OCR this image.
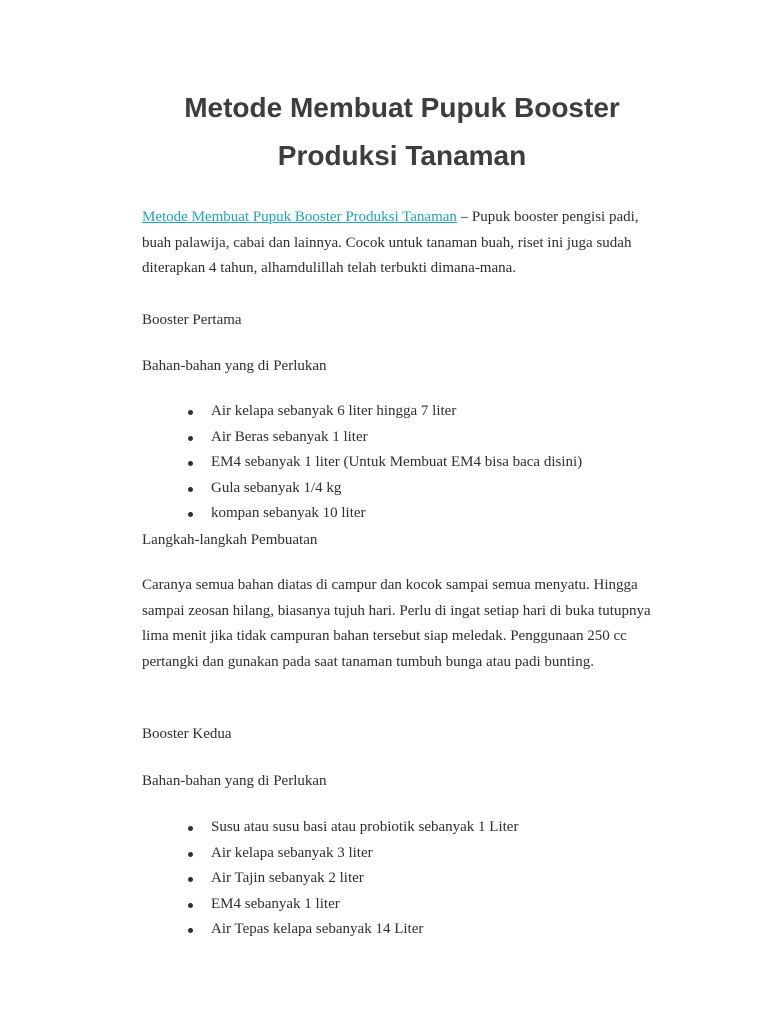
Metode Membuat Pupuk Booster Produksi Tanaman

Metode Membuat Pupuk Booster Produksi Tanaman – Pupuk booster pengisi padi, buah palawija, cabai dan lainnya. Cocok untuk tanaman buah, riset ini juga sudah diterapkan 4 tahun, alhamdulillah telah terbukti dimana-mana.

Booster Pertama

Bahan-bahan yang di Perlukan

Air kelapa sebanyak 6 liter hingga 7 liter
Air Beras sebanyak 1 liter
EM4 sebanyak 1 liter (Untuk Membuat EM4 bisa baca disini)
Gula sebanyak 1/4 kg
kompan sebanyak 10 liter

Langkah-langkah Pembuatan

Caranya semua bahan diatas di campur dan kocok sampai semua menyatu. Hingga sampai zeosan hilang, biasanya tujuh hari. Perlu di ingat setiap hari di buka tutupnya lima menit jika tidak campuran bahan tersebut siap meledak. Penggunaan 250 cc pertangki dan gunakan pada saat tanaman tumbuh bunga atau padi bunting.

Booster Kedua

Bahan-bahan yang di Perlukan

Susu atau susu basi atau probiotik sebanyak 1 Liter
Air kelapa sebanyak 3 liter
Air Tajin sebanyak 2 liter
EM4 sebanyak 1 liter
Air Tepas kelapa sebanyak 14 Liter
